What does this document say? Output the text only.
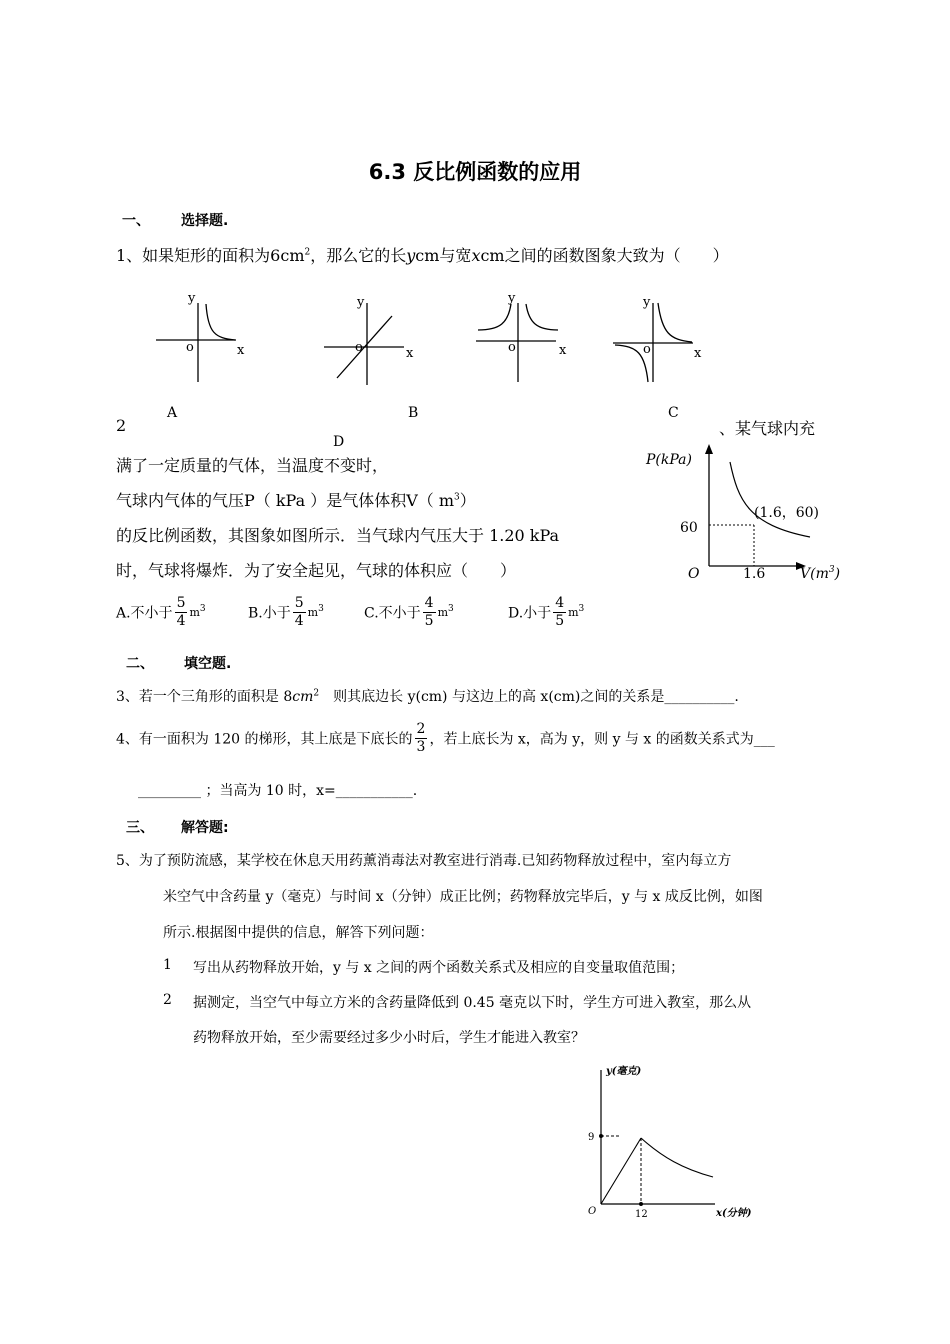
6.3 反比例函数的应用
一、 选择题.
1、如果矩形的面积为$6cm^2$，那么它的长ycm与宽xcm之间的函数图象大致为（　　）
y
x
o
y
x
o
y
x
o
y
x
o
A	B	C
D
2	、某气球内充
满了一定质量的气体，当温度不变时，
气球内气体的气压P（ kPa ）是气体体积V（ $m^3$）
的反比例函数，其图象如图所示．当气球内气压大于 1.20 kPa
时，气球将爆炸．为了安全起见，气球的体积应（　　）
P(kPa)
(1.6，60)
60
O	1.6 $V(m^3)$
A.不小于 $\frac{5}{4} m^3$	B.小于 $\frac{5}{4} m^3$	C.不小于 $\frac{4}{5} m^3$	D.小于 $\frac{4}{5} m^3$
二、 填空题.
3、若一个三角形的面积是 $8cm^2$　则其底边长 y(cm) 与这边上的高 x(cm)之间的关系是__________.
4、有一面积为 120 的梯形，其上底是下底长的 $\frac{2}{3}$ ，若上底长为 x，高为 y，则 y 与 x 的函数关系式为___
_________ ；当高为 10 时，x=___________.
三、 解答题:
5、为了预防流感，某学校在休息天用药薰消毒法对教室进行消毒.已知药物释放过程中，室内每立方
米空气中含药量 y（毫克）与时间 x（分钟）成正比例；药物释放完毕后，y 与 x 成反比例，如图
所示.根据图中提供的信息，解答下列问题：
1 写出从药物释放开始，y 与 x 之间的两个函数关系式及相应的自变量取值范围；
2 据测定，当空气中每立方米的含药量降低到 0.45 毫克以下时，学生方可进入教室，那么从
药物释放开始，至少需要经过多少小时后，学生才能进入教室？
y(毫克)
9
O	12	x(分钟)
